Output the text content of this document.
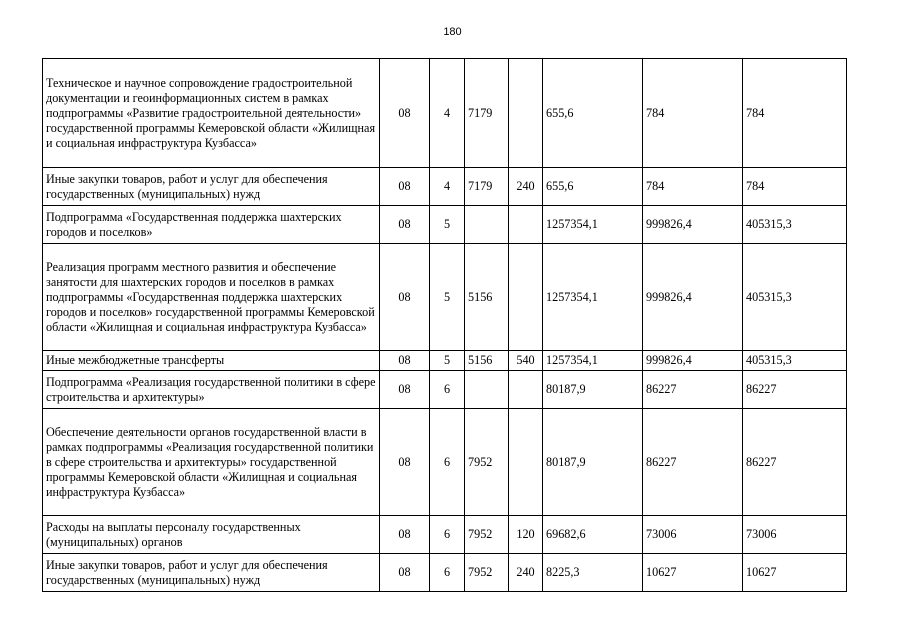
180
Техническое и научное сопровождение градостроительной документации и геоинформационных систем в рамках подпрограммы «Развитие градостроительной деятельности» государственной программы Кемеровской области «Жилищная и социальная инфраструктура Кузбасса»	08	4	7179		655,6	784	784
Иные закупки товаров, работ и услуг для обеспечения государственных (муниципальных) нужд	08	4	7179	240	655,6	784	784
Подпрограмма «Государственная поддержка шахтерских городов и поселков»	08	5			1257354,1	999826,4	405315,3
Реализация программ местного развития и обеспечение занятости для шахтерских городов и поселков в рамках подпрограммы «Государственная поддержка шахтерских городов и поселков» государственной программы Кемеровской области «Жилищная и социальная инфраструктура Кузбасса»	08	5	5156		1257354,1	999826,4	405315,3
Иные межбюджетные трансферты	08	5	5156	540	1257354,1	999826,4	405315,3
Подпрограмма «Реализация государственной политики в сфере строительства и архитектуры»	08	6			80187,9	86227	86227
Обеспечение деятельности органов государственной власти в рамках подпрограммы «Реализация государственной политики в сфере строительства и архитектуры» государственной программы Кемеровской области «Жилищная и социальная инфраструктура Кузбасса»	08	6	7952		80187,9	86227	86227
Расходы на выплаты персоналу государственных (муниципальных) органов	08	6	7952	120	69682,6	73006	73006
Иные закупки товаров, работ и услуг для обеспечения государственных (муниципальных) нужд	08	6	7952	240	8225,3	10627	10627
